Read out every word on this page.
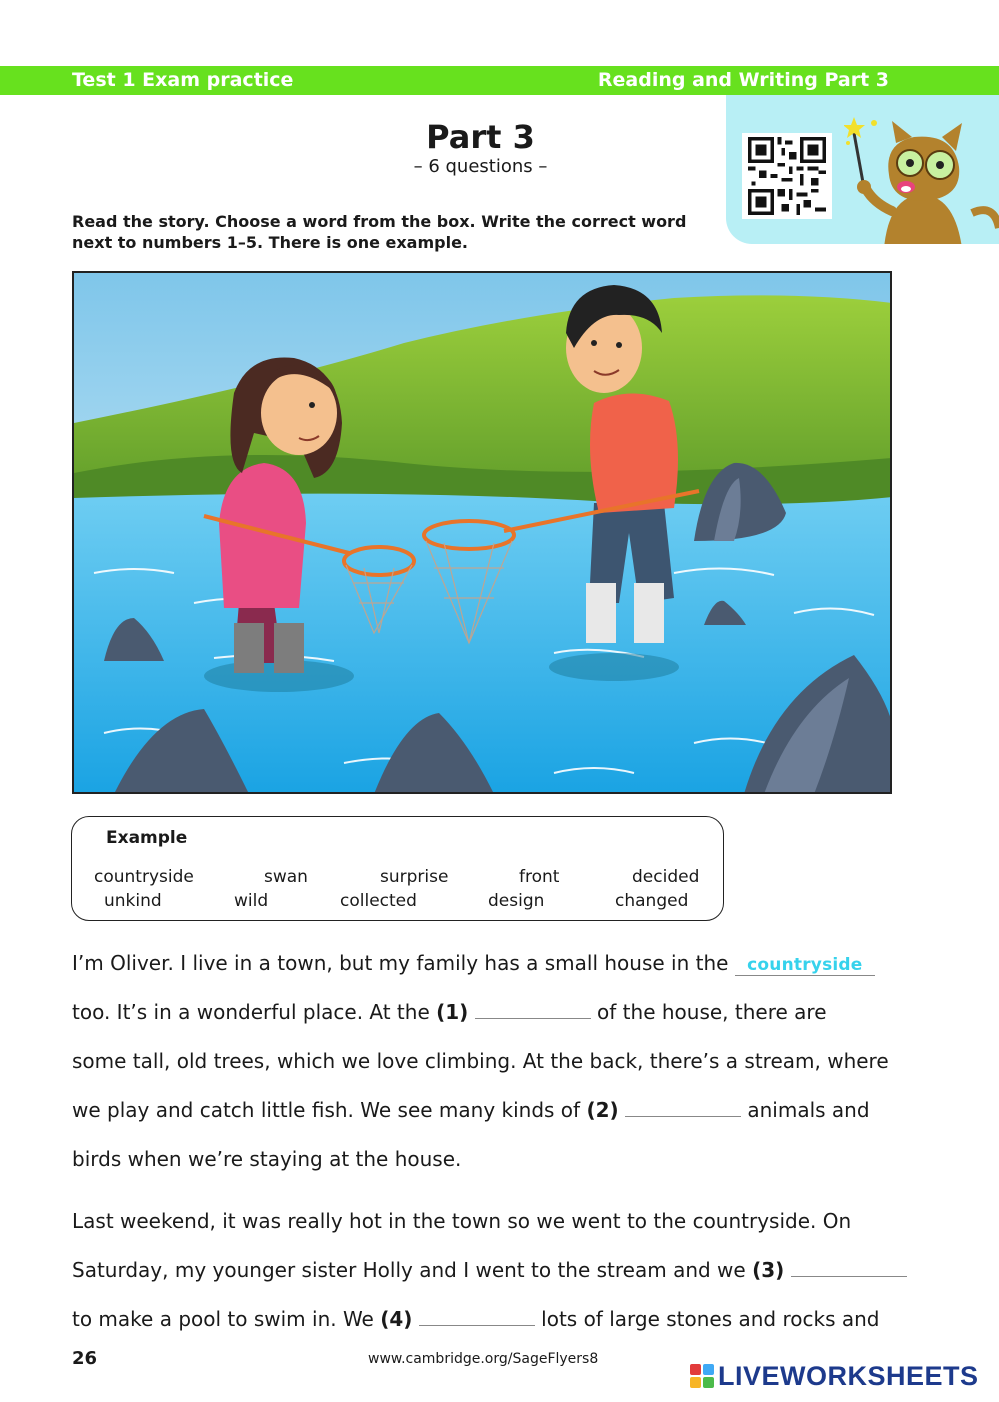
Test 1 Exam practice	Reading and Writing Part 3
Part 3
– 6 questions –
Read the story. Choose a word from the box. Write the correct word next to numbers 1–5. There is one example.
Example
countryside	swan	surprise	front	decided
unkind	wild	collected	design	changed
I’m Oliver. I live in a town, but my family has a small house in the countryside
too. It’s in a wonderful place. At the (1)	of the house, there are
some tall, old trees, which we love climbing. At the back, there’s a stream, where
we play and catch little fish. We see many kinds of (2)	animals and
birds when we’re staying at the house.
Last weekend, it was really hot in the town so we went to the countryside. On
Saturday, my younger sister Holly and I went to the stream and we (3)
to make a pool to swim in. We (4)	lots of large stones and rocks and
26	www.cambridge.org/SageFlyers8
LIVEWORKSHEETS
